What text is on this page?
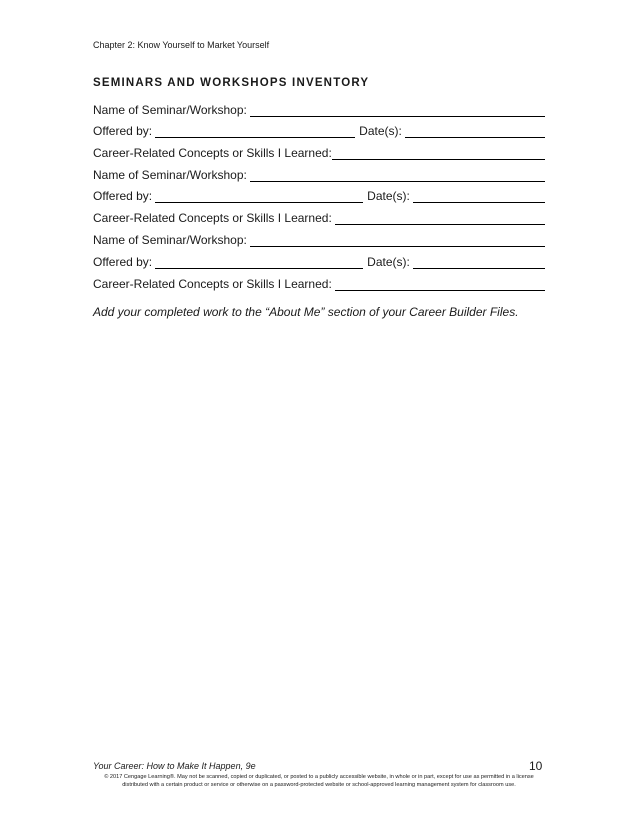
Chapter 2: Know Yourself to Market Yourself
SEMINARS AND WORKSHOPS INVENTORY
Name of Seminar/Workshop:
Offered by:	Date(s):
Career-Related Concepts or Skills I Learned:
Name of Seminar/Workshop:
Offered by:	Date(s):
Career-Related Concepts or Skills I Learned:
Name of Seminar/Workshop:
Offered by:	Date(s):
Career-Related Concepts or Skills I Learned:
Add your completed work to the “About Me” section of your Career Builder Files.
Your Career: How to Make It Happen, 9e	10
© 2017 Cengage Learning®. May not be scanned, copied or duplicated, or posted to a publicly accessible website, in whole or in part, except for use as permitted in a license
distributed with a certain product or service or otherwise on a password-protected website or school-approved learning management system for classroom use.
